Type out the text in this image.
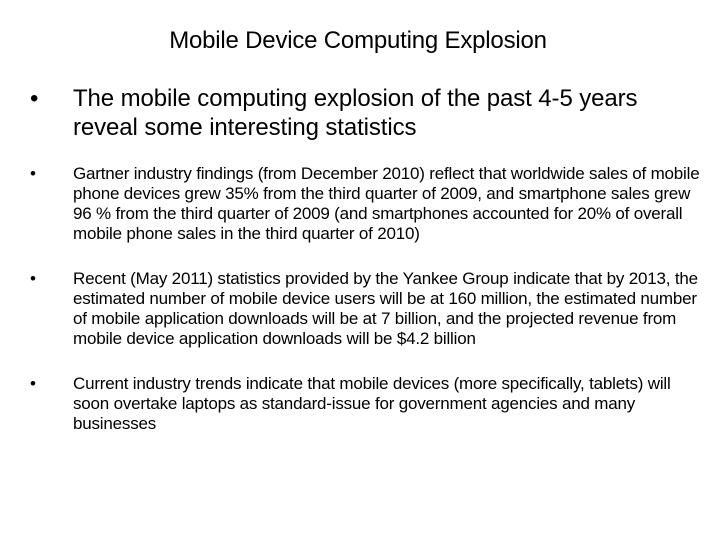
Mobile Device Computing Explosion
• The mobile computing explosion of the past 4-5 years reveal some interesting statistics
• Gartner industry findings (from December 2010) reflect that worldwide sales of mobile phone devices grew 35% from the third quarter of 2009, and smartphone sales grew 96 % from the third quarter of 2009 (and smartphones accounted for 20% of overall mobile phone sales in the third quarter of 2010)
• Recent (May 2011) statistics provided by the Yankee Group indicate that by 2013, the estimated number of mobile device users will be at 160 million, the estimated number of mobile application downloads will be at 7 billion, and the projected revenue from mobile device application downloads will be $4.2 billion
• Current industry trends indicate that mobile devices (more specifically, tablets) will soon overtake laptops as standard-issue for government agencies and many businesses
